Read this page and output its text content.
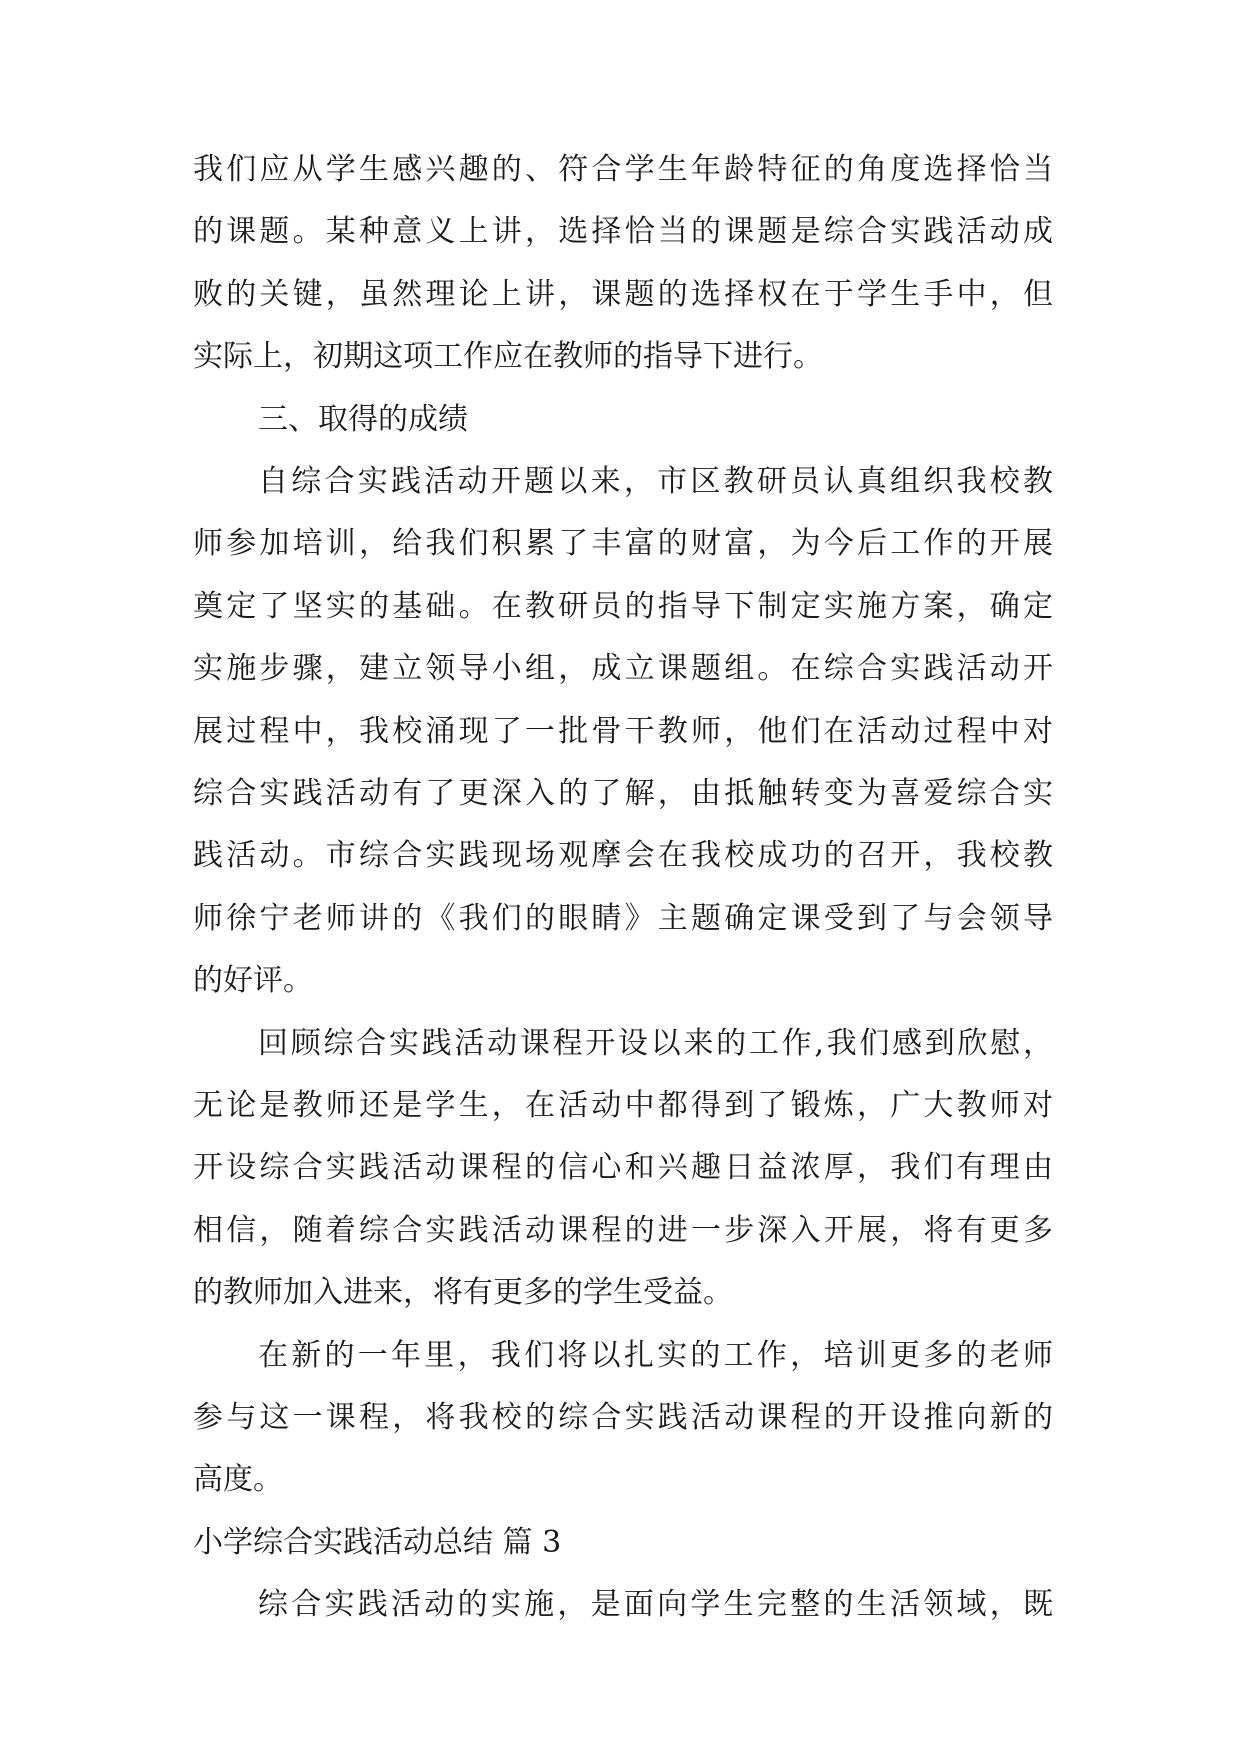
我们应从学生感兴趣的、符合学生年龄特征的角度选择恰当
的课题。某种意义上讲，选择恰当的课题是综合实践活动成
败的关键，虽然理论上讲，课题的选择权在于学生手中，但
实际上，初期这项工作应在教师的指导下进行。
三、取得的成绩
自综合实践活动开题以来，市区教研员认真组织我校教
师参加培训，给我们积累了丰富的财富，为今后工作的开展
奠定了坚实的基础。在教研员的指导下制定实施方案，确定
实施步骤，建立领导小组，成立课题组。在综合实践活动开
展过程中，我校涌现了一批骨干教师，他们在活动过程中对
综合实践活动有了更深入的了解，由抵触转变为喜爱综合实
践活动。市综合实践现场观摩会在我校成功的召开，我校教
师徐宁老师讲的《我们的眼睛》主题确定课受到了与会领导
的好评。
回顾综合实践活动课程开设以来的工作,我们感到欣慰，
无论是教师还是学生，在活动中都得到了锻炼，广大教师对
开设综合实践活动课程的信心和兴趣日益浓厚，我们有理由
相信，随着综合实践活动课程的进一步深入开展，将有更多
的教师加入进来，将有更多的学生受益。
在新的一年里，我们将以扎实的工作，培训更多的老师
参与这一课程，将我校的综合实践活动课程的开设推向新的
高度。
小学综合实践活动总结 篇 3
综合实践活动的实施，是面向学生完整的生活领域，既
